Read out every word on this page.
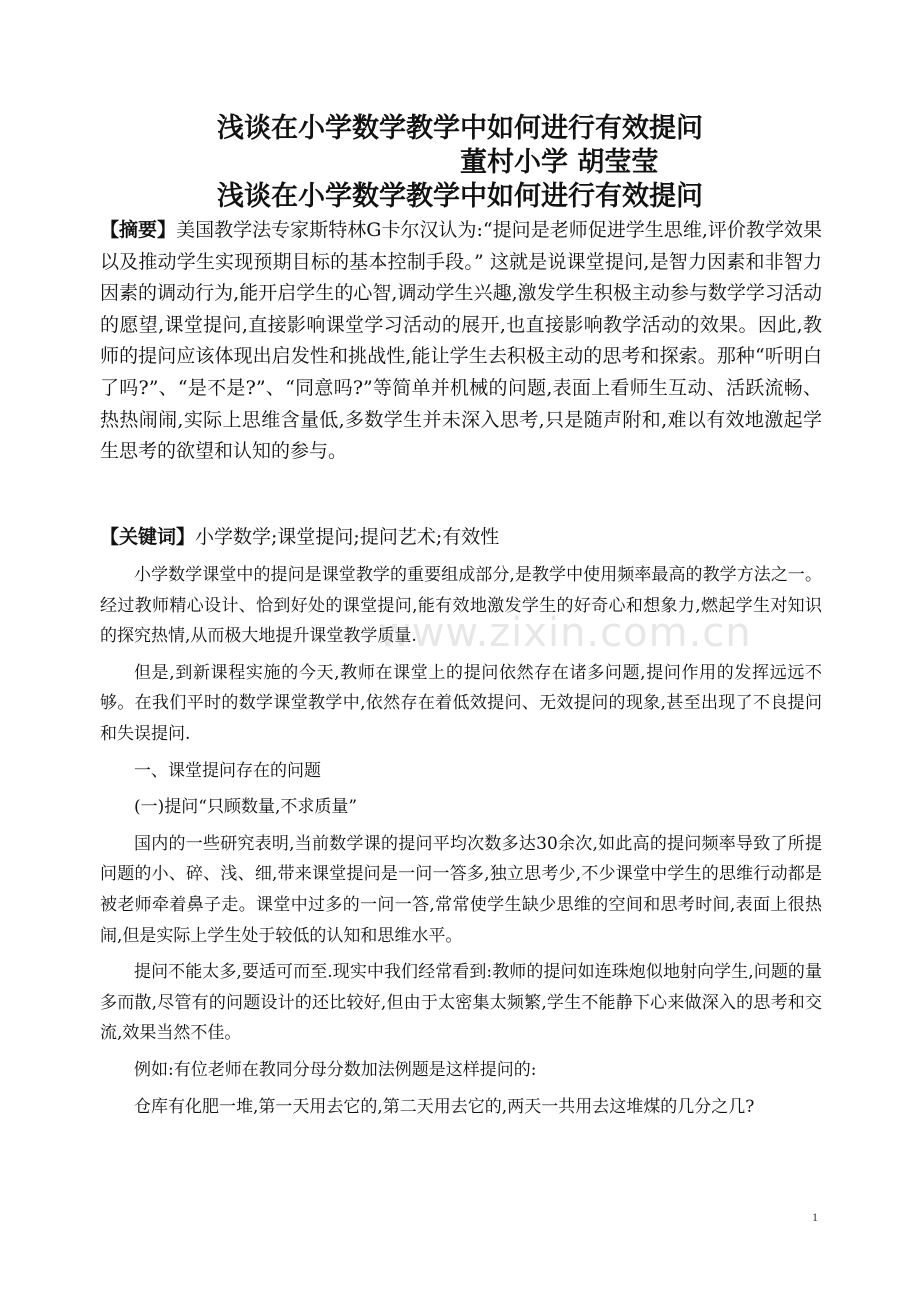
浅谈在小学数学教学中如何进行有效提问
董村小学 胡莹莹
浅谈在小学数学教学中如何进行有效提问
【摘要】美国教学法专家斯特林G卡尔汉认为:“提问是老师促进学生思维,评价教学效果以及推动学生实现预期目标的基本控制手段。” 这就是说课堂提问,是智力因素和非智力因素的调动行为,能开启学生的心智,调动学生兴趣,激发学生积极主动参与数学学习活动的愿望,课堂提问,直接影响课堂学习活动的展开,也直接影响教学活动的效果。因此,教师的提问应该体现出启发性和挑战性,能让学生去积极主动的思考和探索。那种“听明白了吗?”、“是不是?”、“同意吗?”等简单并机械的问题,表面上看师生互动、活跃流畅、热热闹闹,实际上思维含量低,多数学生并未深入思考,只是随声附和,难以有效地激起学生思考的欲望和认知的参与。
【关键词】小学数学;课堂提问;提问艺术;有效性

小学数学课堂中的提问是课堂教学的重要组成部分,是教学中使用频率最高的教学方法之一。经过教师精心设计、恰到好处的课堂提问,能有效地激发学生的好奇心和想象力,燃起学生对知识的探究热情,从而极大地提升课堂教学质量.

但是,到新课程实施的今天,教师在课堂上的提问依然存在诸多问题,提问作用的发挥远远不够。在我们平时的数学课堂教学中,依然存在着低效提问、无效提问的现象,甚至出现了不良提问和失误提问.

一、课堂提问存在的问题

(一)提问“只顾数量,不求质量”

国内的一些研究表明,当前数学课的提问平均次数多达30余次,如此高的提问频率导致了所提问题的小、碎、浅、细,带来课堂提问是一问一答多,独立思考少,不少课堂中学生的思维行动都是被老师牵着鼻子走。课堂中过多的一问一答,常常使学生缺少思维的空间和思考时间,表面上很热闹,但是实际上学生处于较低的认知和思维水平。

提问不能太多,要适可而至.现实中我们经常看到:教师的提问如连珠炮似地射向学生,问题的量多而散,尽管有的问题设计的还比较好,但由于太密集太频繁,学生不能静下心来做深入的思考和交流,效果当然不佳。

例如:有位老师在教同分母分数加法例题是这样提问的:

仓库有化肥一堆,第一天用去它的,第二天用去它的,两天一共用去这堆煤的几分之几?

www.zixin.com.cn
1
